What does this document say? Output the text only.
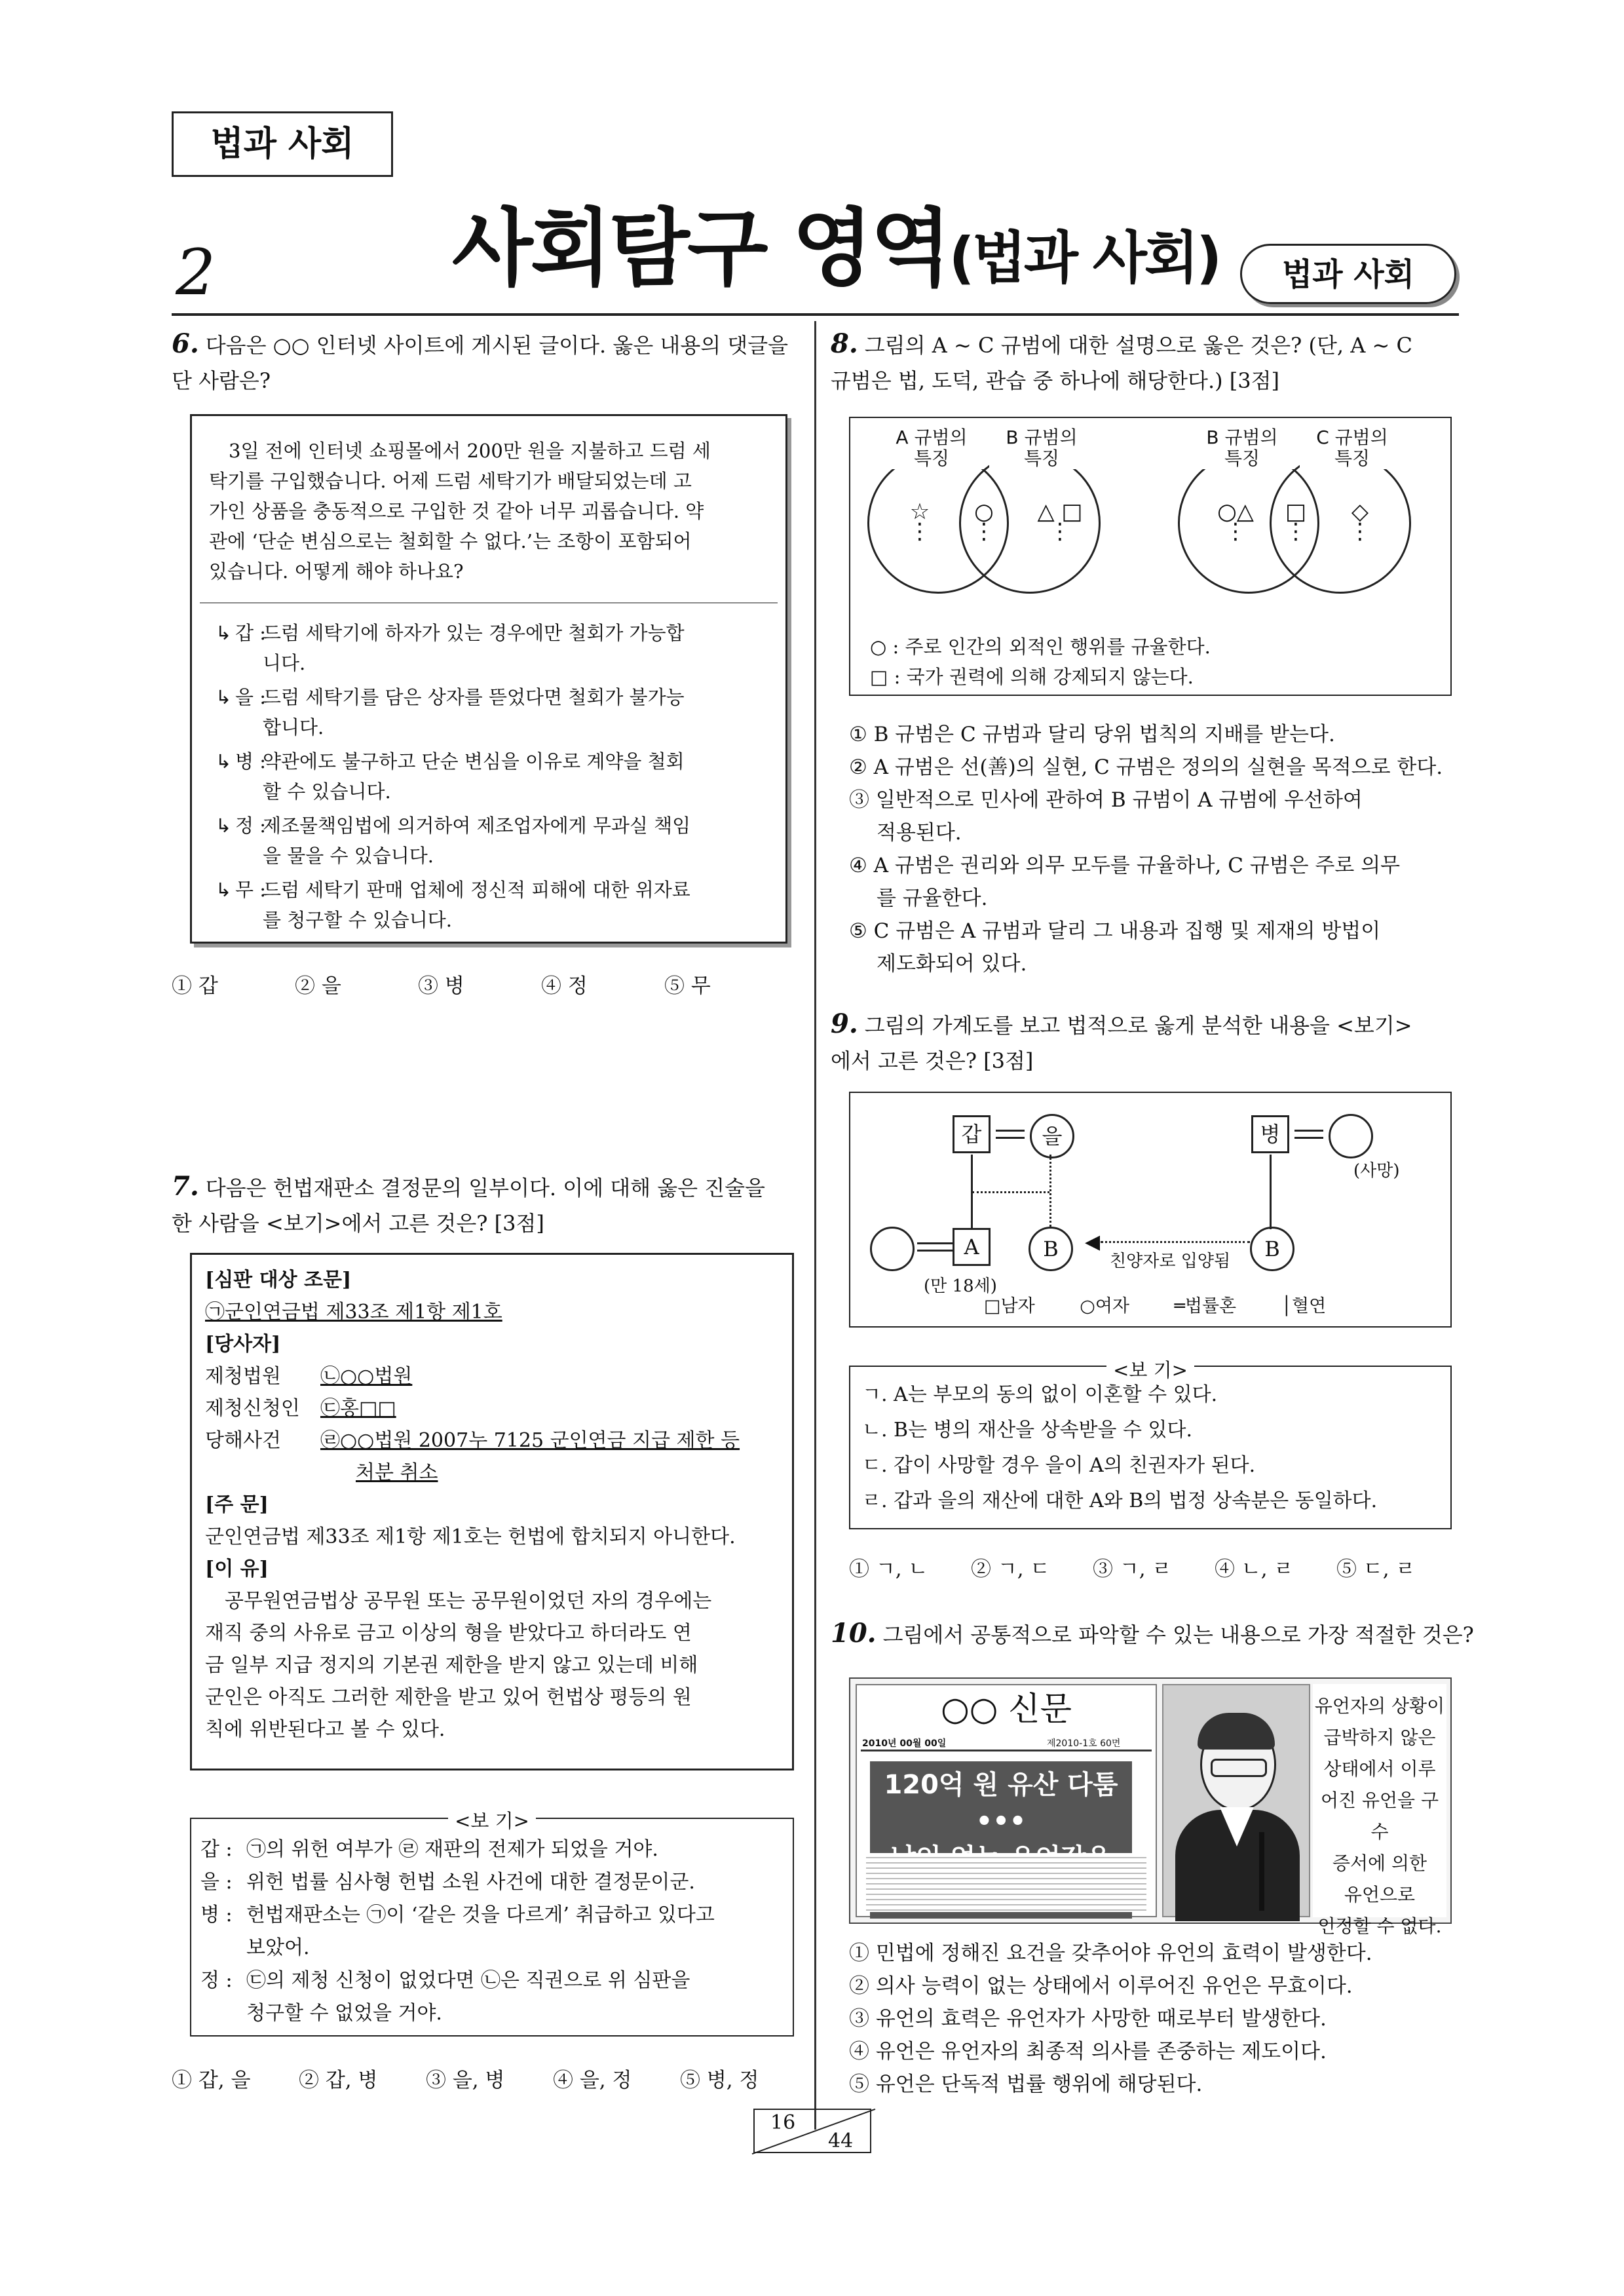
법과 사회
2	사회탐구 영역(법과 사회)	법과 사회
6. 다음은 ○○ 인터넷 사이트에 게시된 글이다. 옳은 내용의 댓글을
단 사람은?
3일 전에 인터넷 쇼핑몰에서 200만 원을 지불하고 드럼 세
탁기를 구입했습니다. 어제 드럼 세탁기가 배달되었는데 고
가인 상품을 충동적으로 구입한 것 같아 너무 괴롭습니다. 약
관에 ‘단순 변심으로는 철회할 수 없다.’는 조항이 포함되어
있습니다. 어떻게 해야 하나요?
↳ 갑 :
드럼 세탁기에 하자가 있는 경우에만 철회가 가능합
니다.
↳ 을 :
드럼 세탁기를 담은 상자를 뜯었다면 철회가 불가능
합니다.
↳ 병 :
약관에도 불구하고 단순 변심을 이유로 계약을 철회
할 수 있습니다.
↳ 정 :
제조물책임법에 의거하여 제조업자에게 무과실 책임
을 물을 수 있습니다.
↳ 무 :
드럼 세탁기 판매 업체에 정신적 피해에 대한 위자료
를 청구할 수 있습니다.
① 갑	② 을	③ 병	④ 정	⑤ 무
7. 다음은 헌법재판소 결정문의 일부이다. 이에 대해 옳은 진술을
한 사람을 <보기>에서 고른 것은? [3점]
[심판 대상 조문]
㉠군인연금법 제33조 제1항 제1호
[당사자]
제청법원 ㉡○○법원
제청신청인 ㉢홍□□
당해사건 ㉣○○법원 2007누 7125 군인연금 지급 제한 등
처분 취소
[주 문]
군인연금법 제33조 제1항 제1호는 헌법에 합치되지 아니한다.
[이 유]
공무원연금법상 공무원 또는 공무원이었던 자의 경우에는
재직 중의 사유로 금고 이상의 형을 받았다고 하더라도 연
금 일부 지급 정지의 기본권 제한을 받지 않고 있는데 비해
군인은 아직도 그러한 제한을 받고 있어 헌법상 평등의 원
칙에 위반된다고 볼 수 있다.
<보 기>
갑 : ㉠의 위헌 여부가 ㉣ 재판의 전제가 되었을 거야.
을 : 위헌 법률 심사형 헌법 소원 사건에 대한 결정문이군.
병 : 헌법재판소는 ㉠이 ‘같은 것을 다르게’ 취급하고 있다고
보았어.
정 : ㉢의 제청 신청이 없었다면 ㉡은 직권으로 위 심판을
청구할 수 없었을 거야.
① 갑, 을 ② 갑, 병 ③ 을, 병 ④ 을, 정 ⑤ 병, 정
8. 그림의 A ~ C 규범에 대한 설명으로 옳은 것은? (단, A ~ C
규범은 법, 도덕, 관습 중 하나에 해당한다.) [3점]
A 규범의
특징
B 규범의
특징
B 규범의
특징
C 규범의
특징
☆
⋮
○
⋮
△ □
⋮
○△
⋮
□
⋮
◇
⋮
○ : 주로 인간의 외적인 행위를 규율한다.
□ : 국가 권력에 의해 강제되지 않는다.
① B 규범은 C 규범과 달리 당위 법칙의 지배를 받는다.
② A 규범은 선(善)의 실현, C 규범은 정의의 실현을 목적으로 한다.
③ 일반적으로 민사에 관하여 B 규범이 A 규범에 우선하여
적용된다.
④ A 규범은 권리와 의무 모두를 규율하나, C 규범은 주로 의무
를 규율한다.
⑤ C 규범은 A 규범과 달리 그 내용과 집행 및 제재의 방법이
제도화되어 있다.
9. 그림의 가계도를 보고 법적으로 옳게 분석한 내용을 <보기>
에서 고른 것은? [3점]
갑	을	병
(사망)
A
(만 18세)
B	◀
친양자로 입양됨	B
□남자	○여자	═법률혼	│혈연
<보 기>
ㄱ. A는 부모의 동의 없이 이혼할 수 있다.
ㄴ. B는 병의 재산을 상속받을 수 있다.
ㄷ. 갑이 사망할 경우 을이 A의 친권자가 된다.
ㄹ. 갑과 을의 재산에 대한 A와 B의 법정 상속분은 동일하다.
① ㄱ, ㄴ ② ㄱ, ㄷ ③ ㄱ, ㄹ ④ ㄴ, ㄹ ⑤ ㄷ, ㄹ
10. 그림에서 공통적으로 파악할 수 있는 내용으로 가장 적절한 것은?
○○ 신문
2010년 00월 00일	제2010-1호 60면
120억 원 유산 다툼 •••
유언자의 상황이
급박하지 않은
상태에서 이루
어진 유언을 구수
증서에 의한
유언으로
인정할 수 없다.
① 민법에 정해진 요건을 갖추어야 유언의 효력이 발생한다.
② 의사 능력이 없는 상태에서 이루어진 유언은 무효이다.
③ 유언의 효력은 유언자가 사망한 때로부터 발생한다.
④ 유언은 유언자의 최종적 의사를 존중하는 제도이다.
⑤ 유언은 단독적 법률 행위에 해당된다.
16
44
